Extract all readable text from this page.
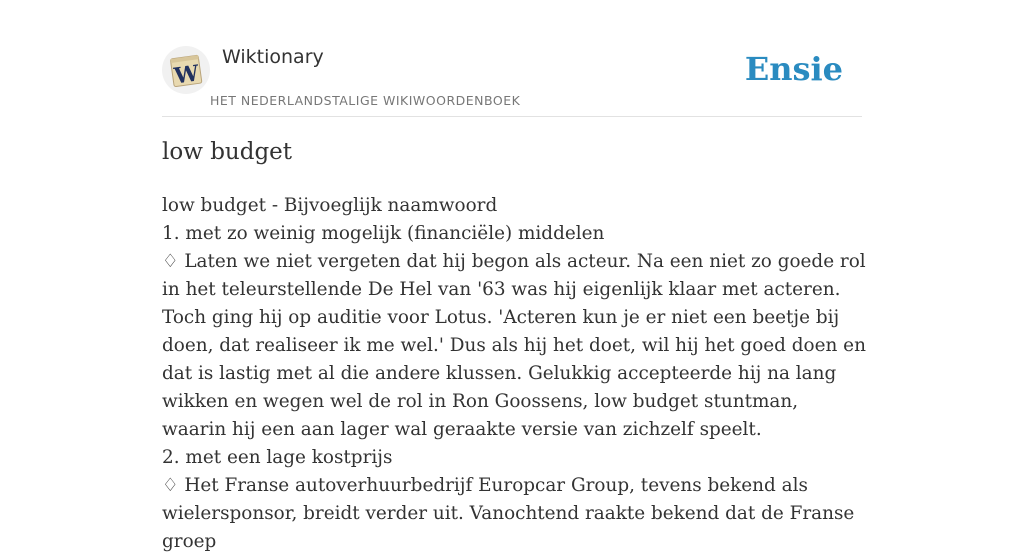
W
Wiktionary
HET NEDERLANDSTALIGE WIKIWOORDENBOEK
Ensie
low budget
low budget - Bijvoeglijk naamwoord
1. met zo weinig mogelijk (financiële) middelen
♢ Laten we niet vergeten dat hij begon als acteur. Na een niet zo goede rol in het teleurstellende De Hel van '63 was hij eigenlijk klaar met acteren. Toch ging hij op auditie voor Lotus. 'Acteren kun je er niet een beetje bij doen, dat realiseer ik me wel.' Dus als hij het doet, wil hij het goed doen en dat is lastig met al die andere klussen. Gelukkig accepteerde hij na lang wikken en wegen wel de rol in Ron Goossens, low budget stuntman, waarin hij een aan lager wal geraakte versie van zichzelf speelt.
2. met een lage kostprijs
♢ Het Franse autoverhuurbedrijf Europcar Group, tevens bekend als wielersponsor, breidt verder uit. Vanochtend raakte bekend dat de Franse groep
